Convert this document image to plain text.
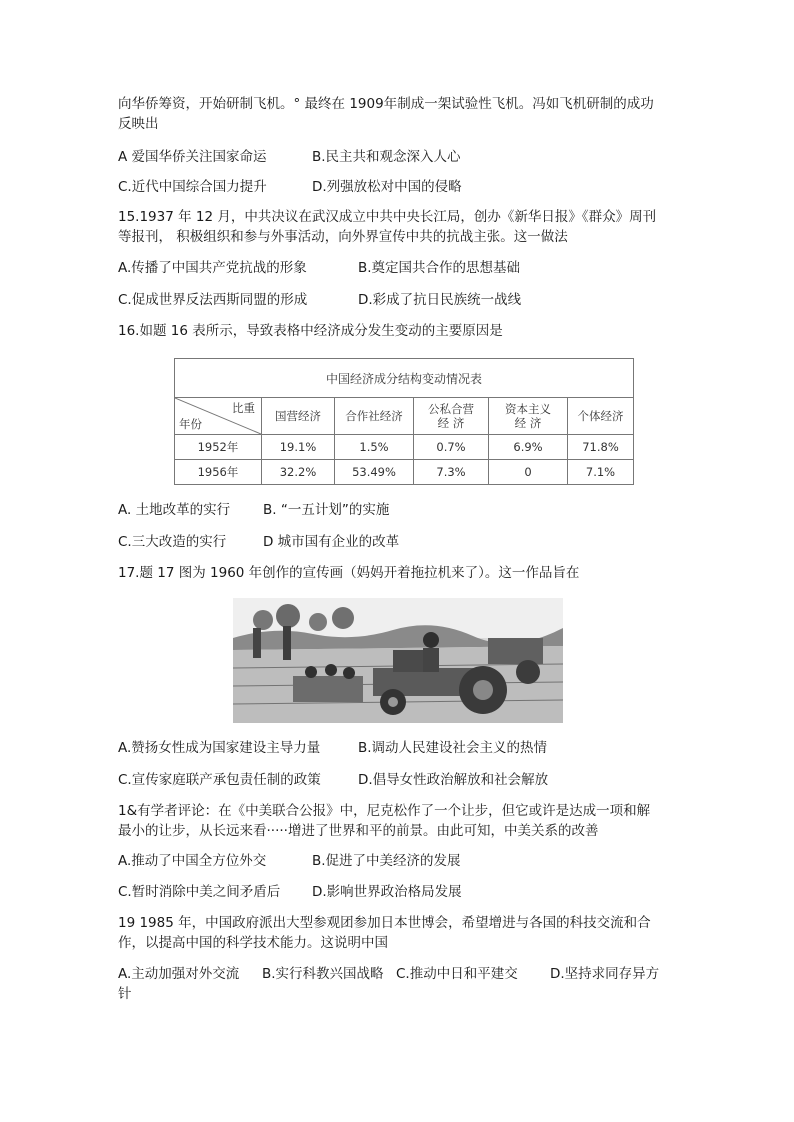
向华侨筹资，开始研制飞机。° 最终在 1909年制成一架试验性飞机。冯如飞机研制的成功
反映出
A 爱国华侨关注国家命运	B.民主共和观念深入人心
C.近代中国综合国力提升	D.列强放松对中国的侵略
15.1937 年 12 月，中共决议在武汉成立中共中央长江局，创办《新华日报》《群众》周刊
等报刊， 积极组织和参与外事活动，向外界宣传中共的抗战主张。这一做法
A.传播了中国共产党抗战的形象	B.奠定国共合作的思想基础
C.促成世界反法西斯同盟的形成	D.彩成了抗日民族统一战线
16.如题 16 表所示，导致表格中经济成分发生变动的主要原因是
中国经济成分结构变动情况表					

比重
年份	国营经济	合作社经济	公私合营 经 济	资本主义 经 济	个体经济
1952年	19.1%	1.5%	0.7%	6.9%	71.8%
1956年	32.2%	53.49%	7.3%	0	7.1%
A. 土地改革的实行 B. “一五计划”的实施
C.三大改造的实行	D 城市国有企业的改革
17.题 17 图为 1960 年创作的宣传画（妈妈开着拖拉机来了）。这一作品旨在
A.赞扬女性成为国家建设主导力量	B.调动人民建设社会主义的热情
C.宣传家庭联产承包责任制的政策	D.倡导女性政治解放和社会解放
1&有学者评论：在《中美联合公报》中，尼克松作了一个让步，但它或许是达成一项和解
最小的让步，从长远来看·····增进了世界和平的前景。由此可知，中美关系的改善
A.推动了中国全方位外交	B.促进了中美经济的发展
C.暂时消除中美之间矛盾后 D.影响世界政治格局发展
19 1985 年，中国政府派出大型参观团参加日本世博会，希望增进与各国的科技交流和合
作，以提高中国的科学技术能力。这说明中国
A.主动加强对外交流 B.实行科教兴国战略 C.推动中日和平建交 D.坚持求同存异方
针
